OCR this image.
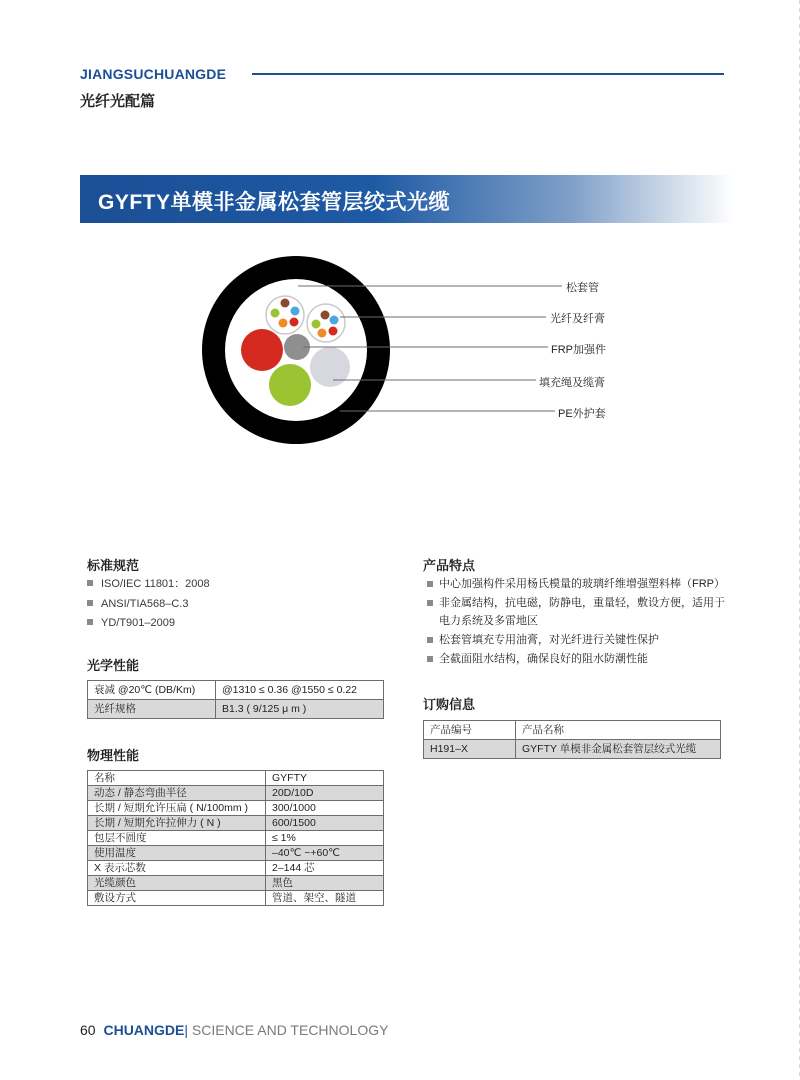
JIANGSUCHUANGDE
光纤光配篇
GYFTY单模非金属松套管层绞式光缆
松套管
光纤及纤膏
FRP加强件
填充绳及缆膏
PE外护套
标准规范
ISO/IEC 11801：2008
ANSI/TIA568–C.3
YD/T901–2009
光学性能
衰减 @20℃ (DB/Km)	@1310 ≤ 0.36 @1550 ≤ 0.22
光纤规格	B1.3 ( 9/125 μ m )
物理性能
名称	GYFTY
动态 / 静态弯曲半径	20D/10D
长期 / 短期允许压扁 ( N/100mm )	300/1000
长期 / 短期允许拉伸力 ( N )	600/1500
包层不圆度	≤ 1%
使用温度	–40℃ ~+60℃
X 表示芯数	2–144 芯
光缆颜色	黑色
敷设方式	管道、架空、隧道
产品特点
中心加强构件采用杨氏模量的玻璃纤维增强塑料棒（FRP）
非金属结构，抗电磁，防静电，重量轻，敷设方便，适用于电力系统及多雷地区
松套管填充专用油膏，对光纤进行关键性保护
全截面阻水结构，确保良好的阻水防潮性能
订购信息
产品编号	产品名称
H191–X	GYFTY 单模非金属松套管层绞式光缆
60 CHUANGDE| SCIENCE AND TECHNOLOGY
